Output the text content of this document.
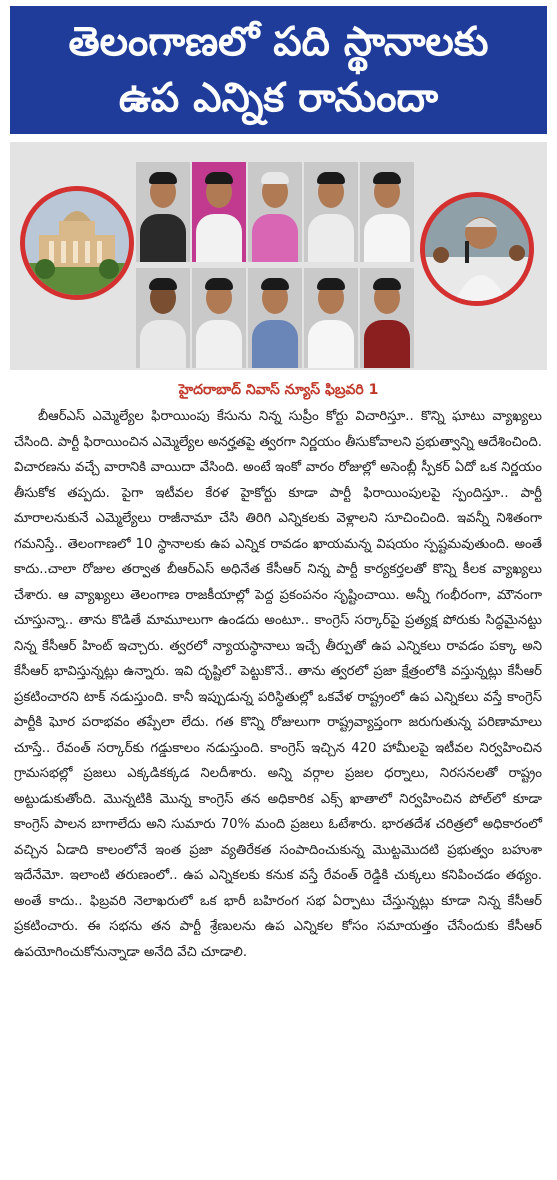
తెలంగాణలో పది స్థానాలకు
ఉప ఎన్నిక రానుందా
హైదరాబాద్ నివాస్ న్యూస్ ఫిబ్రవరి 1

బీఆర్ఎస్ ఎమ్మెల్యేల ఫిరాయింపు కేసును నిన్న సుప్రీం కోర్టు విచారిస్తూ.. కొన్ని ఘాటు వ్యాఖ్యలు చేసింది. పార్టీ ఫిరాయించిన ఎమ్మెల్యేల అనర్హతపై త్వరగా నిర్ణయం తీసుకోవాలని ప్రభుత్వాన్ని ఆదేశించింది. విచారణను వచ్చే వారానికి వాయిదా వేసింది. అంటే ఇంకో వారం రోజుల్లో అసెంబ్లీ స్పీకర్ ఏదో ఒక నిర్ణయం తీసుకోక తప్పదు. పైగా ఇటీవల కేరళ హైకోర్టు కూడా పార్టీ ఫిరాయింపులపై స్పందిస్తూ.. పార్టీ మారాలనుకునే ఎమ్మెల్యేలు రాజీనామా చేసి తిరిగి ఎన్నికలకు వెళ్లాలని సూచించింది. ఇవన్నీ నిశితంగా గమనిస్తే.. తెలంగాణలో 10 స్థానాలకు ఉప ఎన్నిక రావడం ఖాయమన్న విషయం స్పష్టమవుతుంది. అంతే కాదు..చాలా రోజుల తర్వాత బీఆర్ఎస్ అధినేత కేసీఆర్ నిన్న పార్టీ కార్యకర్తలతో కొన్ని కీలక వ్యాఖ్యలు చేశారు. ఆ వ్యాఖ్యలు తెలంగాణ రాజకీయాల్లో పెద్ద ప్రకంపనం సృష్టించాయి. అన్నీ గంభీరంగా, మౌనంగా చూస్తున్నా.. తాను కొడితే మామూలుగా ఉండదు అంటూ.. కాంగ్రెస్ సర్కార్‌పై ప్రత్యక్ష పోరుకు సిద్ధమైనట్టు నిన్న కేసీఆర్ హింట్ ఇచ్చారు. త్వరలో న్యాయస్థానాలు ఇచ్చే తీర్పుతో ఉప ఎన్నికలు రావడం పక్కా అని కేసీఆర్ భావిస్తున్నట్లు ఉన్నారు. ఇవి దృష్టిలో పెట్టుకొనే.. తాను త్వరలో ప్రజా క్షేత్రంలోకి వస్తున్నట్లు కేసీఆర్ ప్రకటించారని టాక్ నడుస్తుంది. కానీ ఇప్పుడున్న పరిస్థితుల్లో ఒకవేళ రాష్ట్రంలో ఉప ఎన్నికలు వస్తే కాంగ్రెస్ పార్టీకి ఘోర పరాభవం తప్పేలా లేదు. గత కొన్ని రోజులుగా రాష్ట్రవ్యాప్తంగా జరుగుతున్న పరిణామాలు చూస్తే.. రేవంత్ సర్కార్‌కు గడ్డుకాలం నడుస్తుంది. కాంగ్రెస్ ఇచ్చిన 420 హామీలపై ఇటీవల నిర్వహించిన గ్రామసభల్లో ప్రజలు ఎక్కడికక్కడ నిలదీశారు. అన్ని వర్గాల ప్రజల ధర్నాలు, నిరసనలతో రాష్ట్రం అట్టుడుకుతోంది. మొన్నటికి మొన్న కాంగ్రెస్ తన అధికారిక ఎక్స్ ఖాతాలో నిర్వహించిన పోల్‌లో కూడా కాంగ్రెస్ పాలన బాగాలేదు అని సుమారు 70% మంది ప్రజలు ఓటేశారు. భారతదేశ చరిత్రలో అధికారంలో వచ్చిన ఏడాది కాలంలోనే ఇంత ప్రజా వ్యతిరేకత సంపాదించుకున్న మొట్టమొదటి ప్రభుత్వం బహుశా ఇదేనేమో. ఇలాంటి తరుణంలో.. ఉప ఎన్నికలకు కనుక వస్తే రేవంత్ రెడ్డికి చుక్కలు కనిపించడం తథ్యం. అంతే కాదు.. ఫిబ్రవరి నెలాఖరులో ఒక భారీ బహిరంగ సభ ఏర్పాటు చేస్తున్నట్లు కూడా నిన్న కేసీఆర్ ప్రకటించారు. ఈ సభను తన పార్టీ శ్రేణులను ఉప ఎన్నికల కోసం సమాయత్తం చేసేందుకు కేసీఆర్ ఉపయోగించుకోనున్నాడా అనేది వేచి చూడాలి.
